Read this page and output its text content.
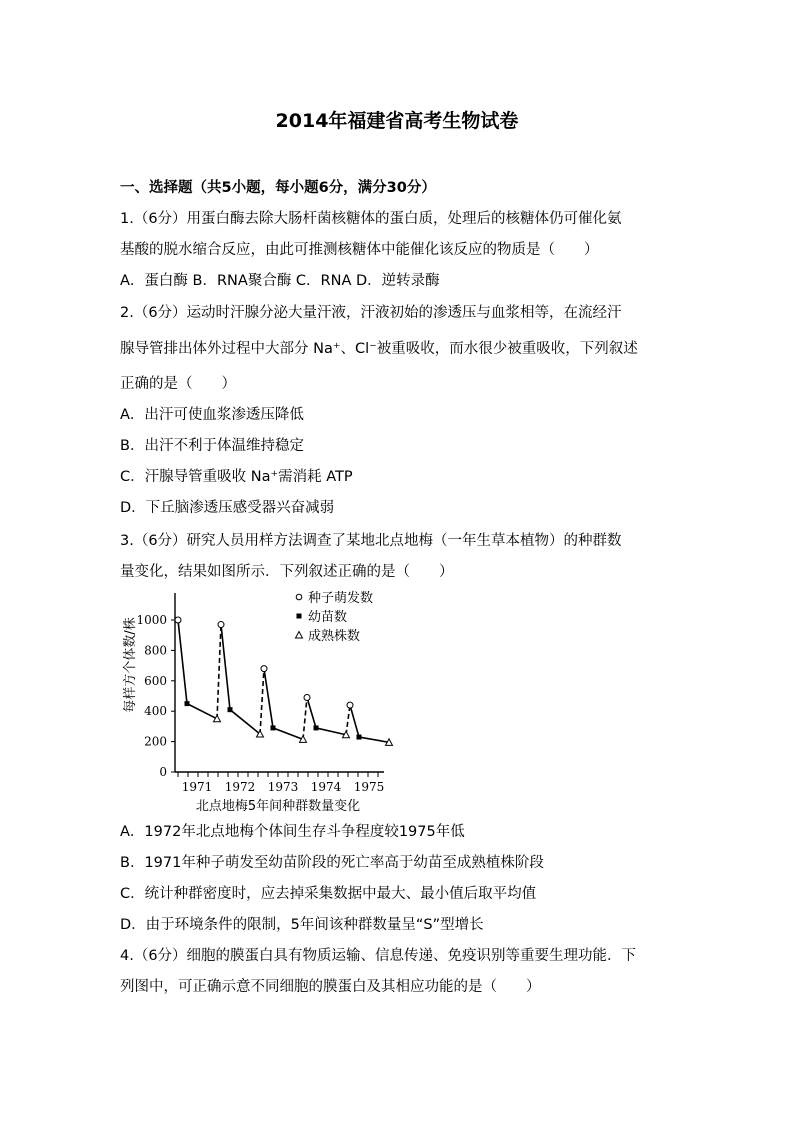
2014年福建省高考生物试卷
一、选择题（共5小题，每小题6分，满分30分）
1.（6分）用蛋白酶去除大肠杆菌核糖体的蛋白质，处理后的核糖体仍可催化氨
基酸的脱水缩合反应，由此可推测核糖体中能催化该反应的物质是（　　）
A．蛋白酶 B．RNA聚合酶 C．RNA D．逆转录酶
2.（6分）运动时汗腺分泌大量汗液，汗液初始的渗透压与血浆相等，在流经汗
腺导管排出体外过程中大部分 Na⁺、Cl⁻被重吸收，而水很少被重吸收，下列叙述
正确的是（　　）
A．出汗可使血浆渗透压降低
B．出汗不利于体温维持稳定
C．汗腺导管重吸收 Na⁺需消耗 ATP
D．下丘脑渗透压感受器兴奋减弱
3.（6分）研究人员用样方法调查了某地北点地梅（一年生草本植物）的种群数
量变化，结果如图所示．下列叙述正确的是（　　）
0
200
400
600
800
1000
每样方个体数/株
1971 1972 1973 1974 1975
北点地梅5年间种群数量变化
种子萌发数
幼苗数
成熟株数
A．1972年北点地梅个体间生存斗争程度较1975年低
B．1971年种子萌发至幼苗阶段的死亡率高于幼苗至成熟植株阶段
C．统计种群密度时，应去掉采集数据中最大、最小值后取平均值
D．由于环境条件的限制，5年间该种群数量呈“S”型增长
4.（6分）细胞的膜蛋白具有物质运输、信息传递、免疫识别等重要生理功能．下
列图中，可正确示意不同细胞的膜蛋白及其相应功能的是（　　）
